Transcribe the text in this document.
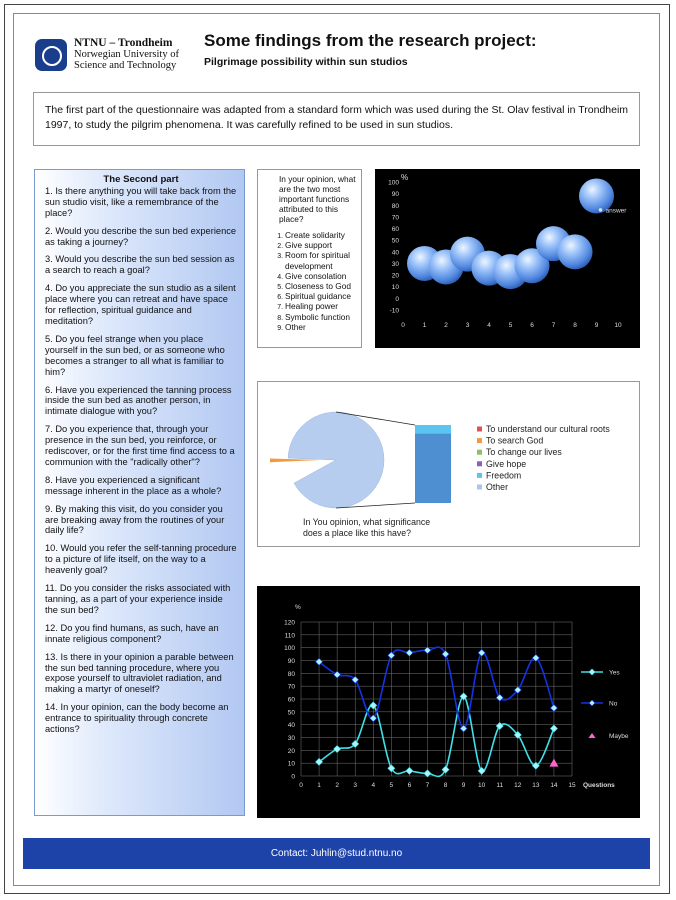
NTNU – Trondheim
Norwegian University of
Science and Technology
Some findings from the research project:
Pilgrimage possibility within sun studios
The first part of the questionnaire was adapted from a standard form which was used during the St. Olav festival in Trondheim 1997, to study the pilgrim phenomena. It was carefully refined to be used in sun studios.
The Second part

1. Is there anything you will take back from the sun studio visit, like a remembrance of the place?

2. Would you describe the sun bed experience as taking a journey?

3. Would you describe the sun bed session as a search to reach a goal?

4. Do you appreciate the sun studio as a silent place where you can retreat and have space for reflection, spiritual guidance and meditation?

5. Do you feel strange when you place yourself in the sun bed, or as someone who becomes a stranger to all what is familiar to him?

6. Have you experienced the tanning process inside the sun bed as another person, in intimate dialogue with you?

7. Do you experience that, through your presence in the sun bed, you reinforce, or rediscover, or for the first time find access to a communion with the "radically other"?

8. Have you experienced a significant message inherent in the place as a whole?

9. By making this visit, do you consider you are breaking away from the routines of your daily life?

10. Would you refer the self-tanning procedure to a picture of life itself, on the way to a heavenly goal?

11. Do you consider the risks associated with tanning, as a part of your experience inside the sun bed?

12. Do you find humans, as such, have an innate religious component?

13. Is there in your opinion a parable between the sun bed tanning procedure, where you expose yourself to ultraviolet radiation, and making a martyr of oneself?

14. In your opinion, can the body become an entrance to spirituality through concrete actions?

In your opinion, what are the two most important functions attributed to this place?
1. Create solidarity
2. Give support
3. Room for spiritual development
4. Give consolation
5. Closeness to God
6. Spiritual guidance
7. Healing power
8. Symbolic function
9. Other
%
-10
0
10
20
30
40
50
60
70
80
90
100
0	1	2	3	4	5	6	7	8	9 10
answer
To understand our cultural roots
To search God
To change our lives
Give hope
Freedom
Other
In You opinion, what significance does a place like this have?
%
0
10
20
30
40
50
60
70
80
90
100
110
120
0 1 2 3 4 5 6 7 8 9 10 11 12 13 14 15 Questions
Yes
No
Maybe
Contact: Juhlin@stud.ntnu.no
